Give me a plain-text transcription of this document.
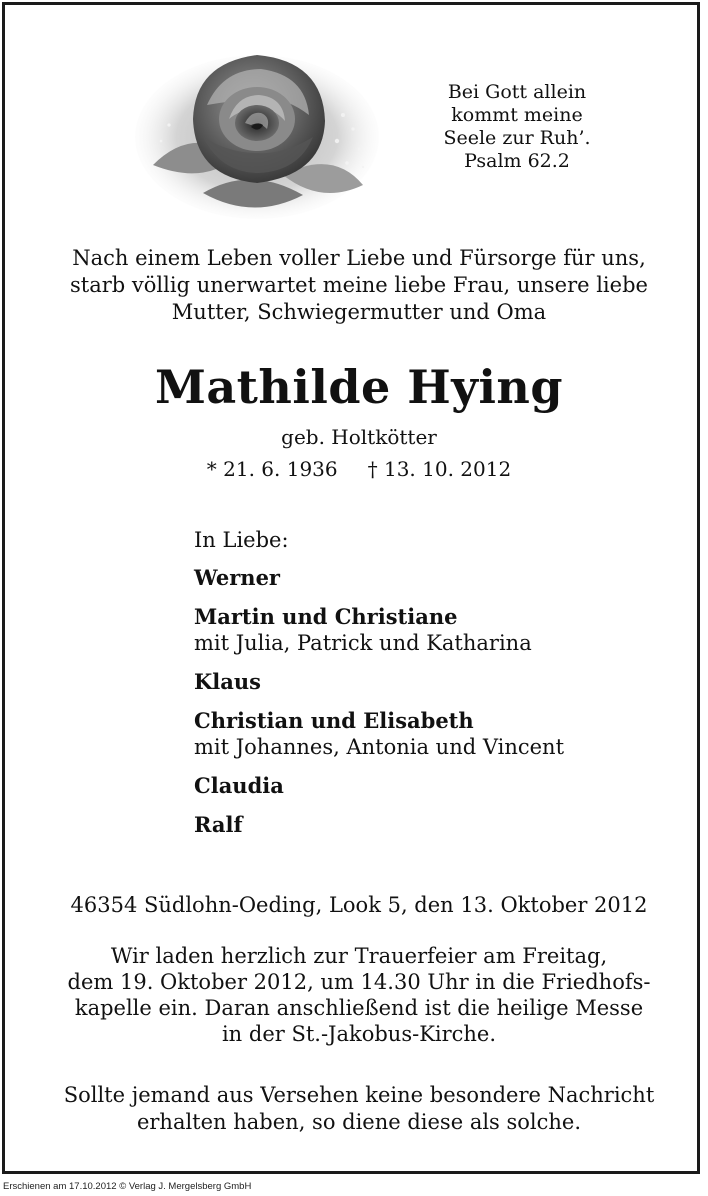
Bei Gott allein
kommt meine
Seele zur Ruh’.
Psalm 62.2
Nach einem Leben voller Liebe und Fürsorge für uns,
starb völlig unerwartet meine liebe Frau, unsere liebe
Mutter, Schwiegermutter und Oma
Mathilde Hying
geb. Holtkötter
* 21. 6. 1936 † 13. 10. 2012
In Liebe:
Werner
Martin und Christiane
mit Julia, Patrick und Katharina
Klaus
Christian und Elisabeth
mit Johannes, Antonia und Vincent
Claudia
Ralf
46354 Südlohn-Oeding, Look 5, den 13. Oktober 2012
Wir laden herzlich zur Trauerfeier am Freitag,
dem 19. Oktober 2012, um 14.30 Uhr in die Friedhofs-
kapelle ein. Daran anschließend ist die heilige Messe
in der St.-Jakobus-Kirche.
Sollte jemand aus Versehen keine besondere Nachricht
erhalten haben, so diene diese als solche.
Erschienen am 17.10.2012 © Verlag J. Mergelsberg GmbH
